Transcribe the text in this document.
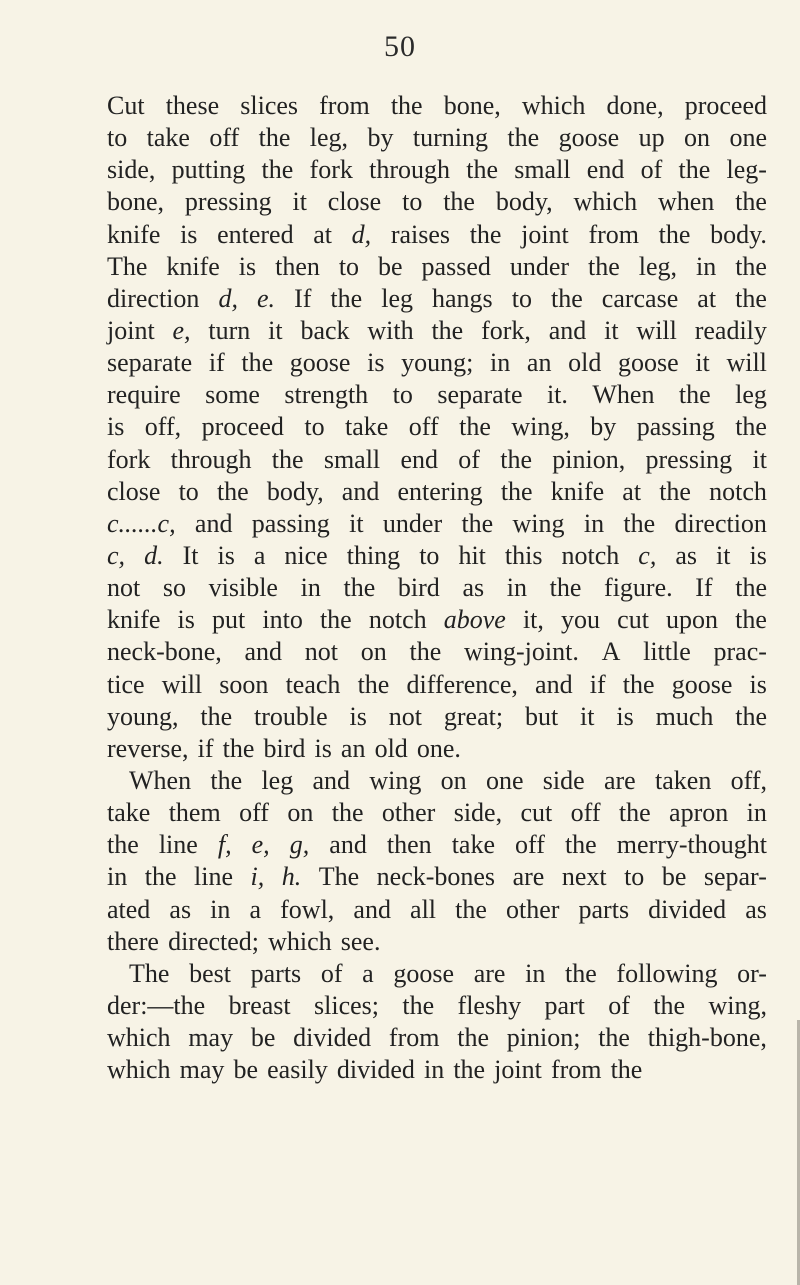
50
Cut these slices from the bone, which done, proceed
to take off the leg, by turning the goose up on one
side, putting the fork through the small end of the leg-
bone, pressing it close to the body, which when the
knife is entered at d, raises the joint from the body.
The knife is then to be passed under the leg, in the
direction d, e. If the leg hangs to the carcase at the
joint e, turn it back with the fork, and it will readily
separate if the goose is young; in an old goose it will
require some strength to separate it. When the leg
is off, proceed to take off the wing, by passing the
fork through the small end of the pinion, pressing it
close to the body, and entering the knife at the notch
c......c, and passing it under the wing in the direction
c, d. It is a nice thing to hit this notch c, as it is
not so visible in the bird as in the figure. If the
knife is put into the notch above it, you cut upon the
neck-bone, and not on the wing-joint. A little prac-
tice will soon teach the difference, and if the goose is
young, the trouble is not great; but it is much the
reverse, if the bird is an old one.
When the leg and wing on one side are taken off,
take them off on the other side, cut off the apron in
the line f, e, g, and then take off the merry-thought
in the line i, h. The neck-bones are next to be separ-
ated as in a fowl, and all the other parts divided as
there directed; which see.
The best parts of a goose are in the following or-
der:—the breast slices; the fleshy part of the wing,
which may be divided from the pinion; the thigh-bone,
which may be easily divided in the joint from the
